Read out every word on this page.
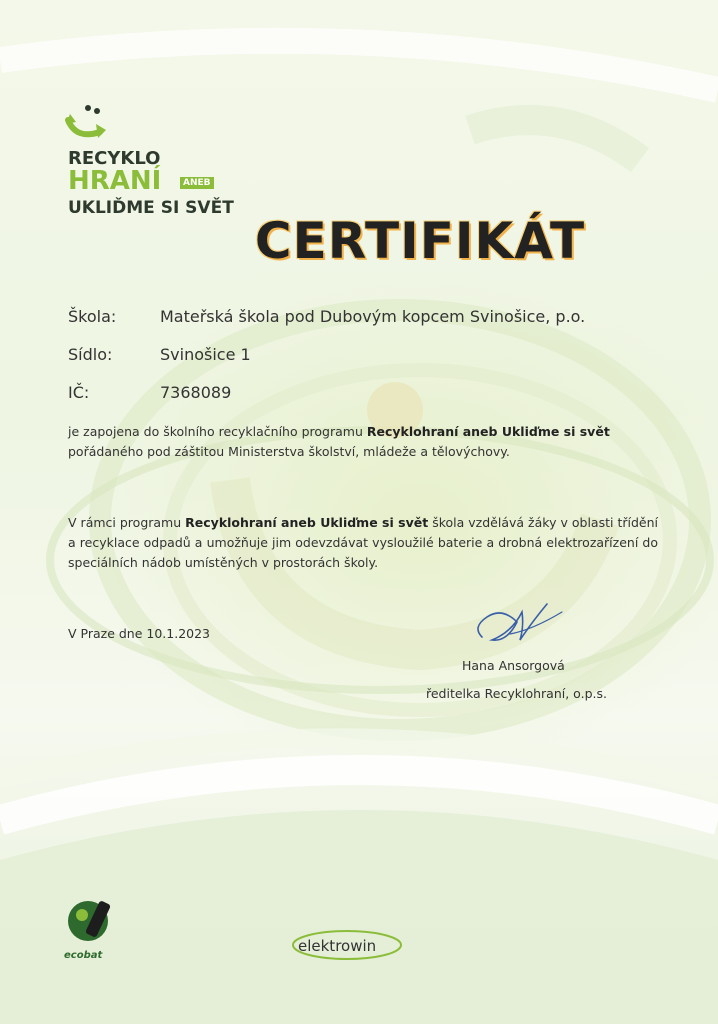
RECYKLO
HRANÍ	ANEB
UKLIĎME SI SVĚT
CERTIFIKÁT
Škola:	Mateřská škola pod Dubovým kopcem Svinošice, p.o.
Sídlo:	Svinošice 1
IČ:	7368089
je zapojena do školního recyklačního programu Recyklohraní aneb Ukliďme si svět
pořádaného pod záštitou Ministerstva školství, mládeže a tělovýchovy.
V rámci programu Recyklohraní aneb Ukliďme si svět škola vzdělává žáky v oblasti třídění a recyklace odpadů a umožňuje jim odevzdávat vysloužilé baterie a drobná elektrozařízení do speciálních nádob umístěných v prostorách školy.
V Praze dne 10.1.2023
Hana Ansorgová
ředitelka Recyklohraní, o.p.s.
ecobat
elektrowin
